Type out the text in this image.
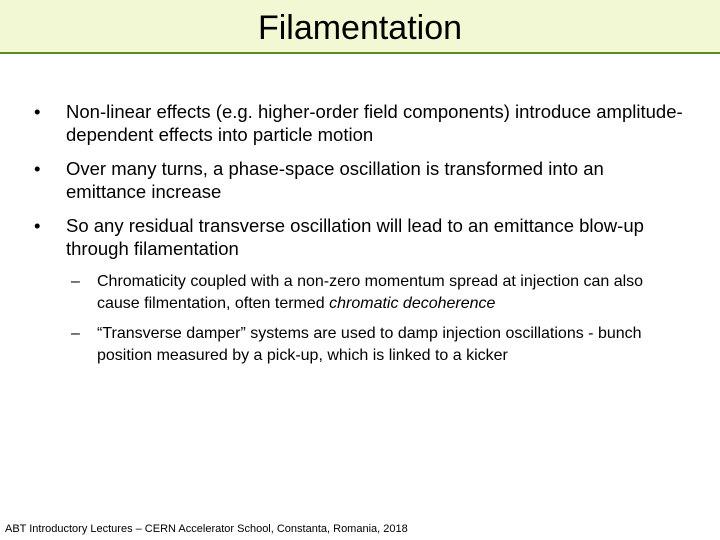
Filamentation
• Non-linear effects (e.g. higher-order field components) introduce amplitude-dependent effects into particle motion
• Over many turns, a phase-space oscillation is transformed into an emittance increase
• So any residual transverse oscillation will lead to an emittance blow-up through filamentation
– Chromaticity coupled with a non-zero momentum spread at injection can also cause filmentation, often termed chromatic decoherence
– “Transverse damper” systems are used to damp injection oscillations - bunch position measured by a pick-up, which is linked to a kicker
ABT Introductory Lectures – CERN Accelerator School, Constanta, Romania, 2018
